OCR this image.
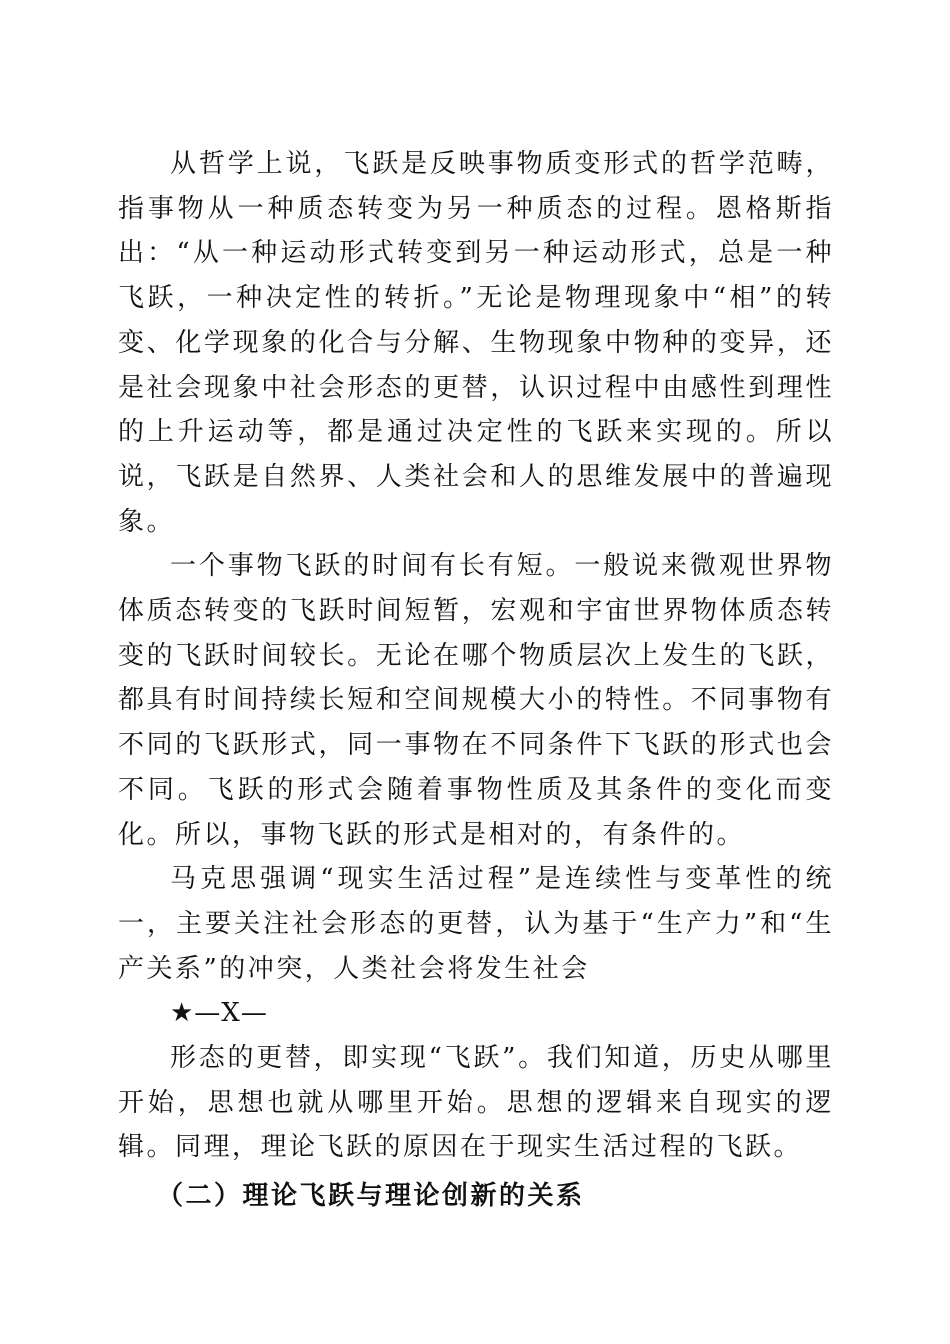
从哲学上说，飞跃是反映事物质变形式的哲学范畴，指事物从一种质态转变为另一种质态的过程。恩格斯指出：“从一种运动形式转变到另一种运动形式，总是一种飞跃，一种决定性的转折。”无论是物理现象中“相”的转变、化学现象的化合与分解、生物现象中物种的变异，还是社会现象中社会形态的更替，认识过程中由感性到理性的上升运动等，都是通过决定性的飞跃来实现的。所以说，飞跃是自然界、人类社会和人的思维发展中的普遍现象。

一个事物飞跃的时间有长有短。一般说来微观世界物体质态转变的飞跃时间短暂，宏观和宇宙世界物体质态转变的飞跃时间较长。无论在哪个物质层次上发生的飞跃，都具有时间持续长短和空间规模大小的特性。不同事物有不同的飞跃形式，同一事物在不同条件下飞跃的形式也会不同。飞跃的形式会随着事物性质及其条件的变化而变化。所以，事物飞跃的形式是相对的，有条件的。

马克思强调“现实生活过程”是连续性与变革性的统一，主要关注社会形态的更替，认为基于“生产力”和“生产关系”的冲突，人类社会将发生社会

★—X—

形态的更替，即实现“飞跃”。我们知道，历史从哪里开始，思想也就从哪里开始。思想的逻辑来自现实的逻辑。同理，理论飞跃的原因在于现实生活过程的飞跃。

（二）理论飞跃与理论创新的关系
